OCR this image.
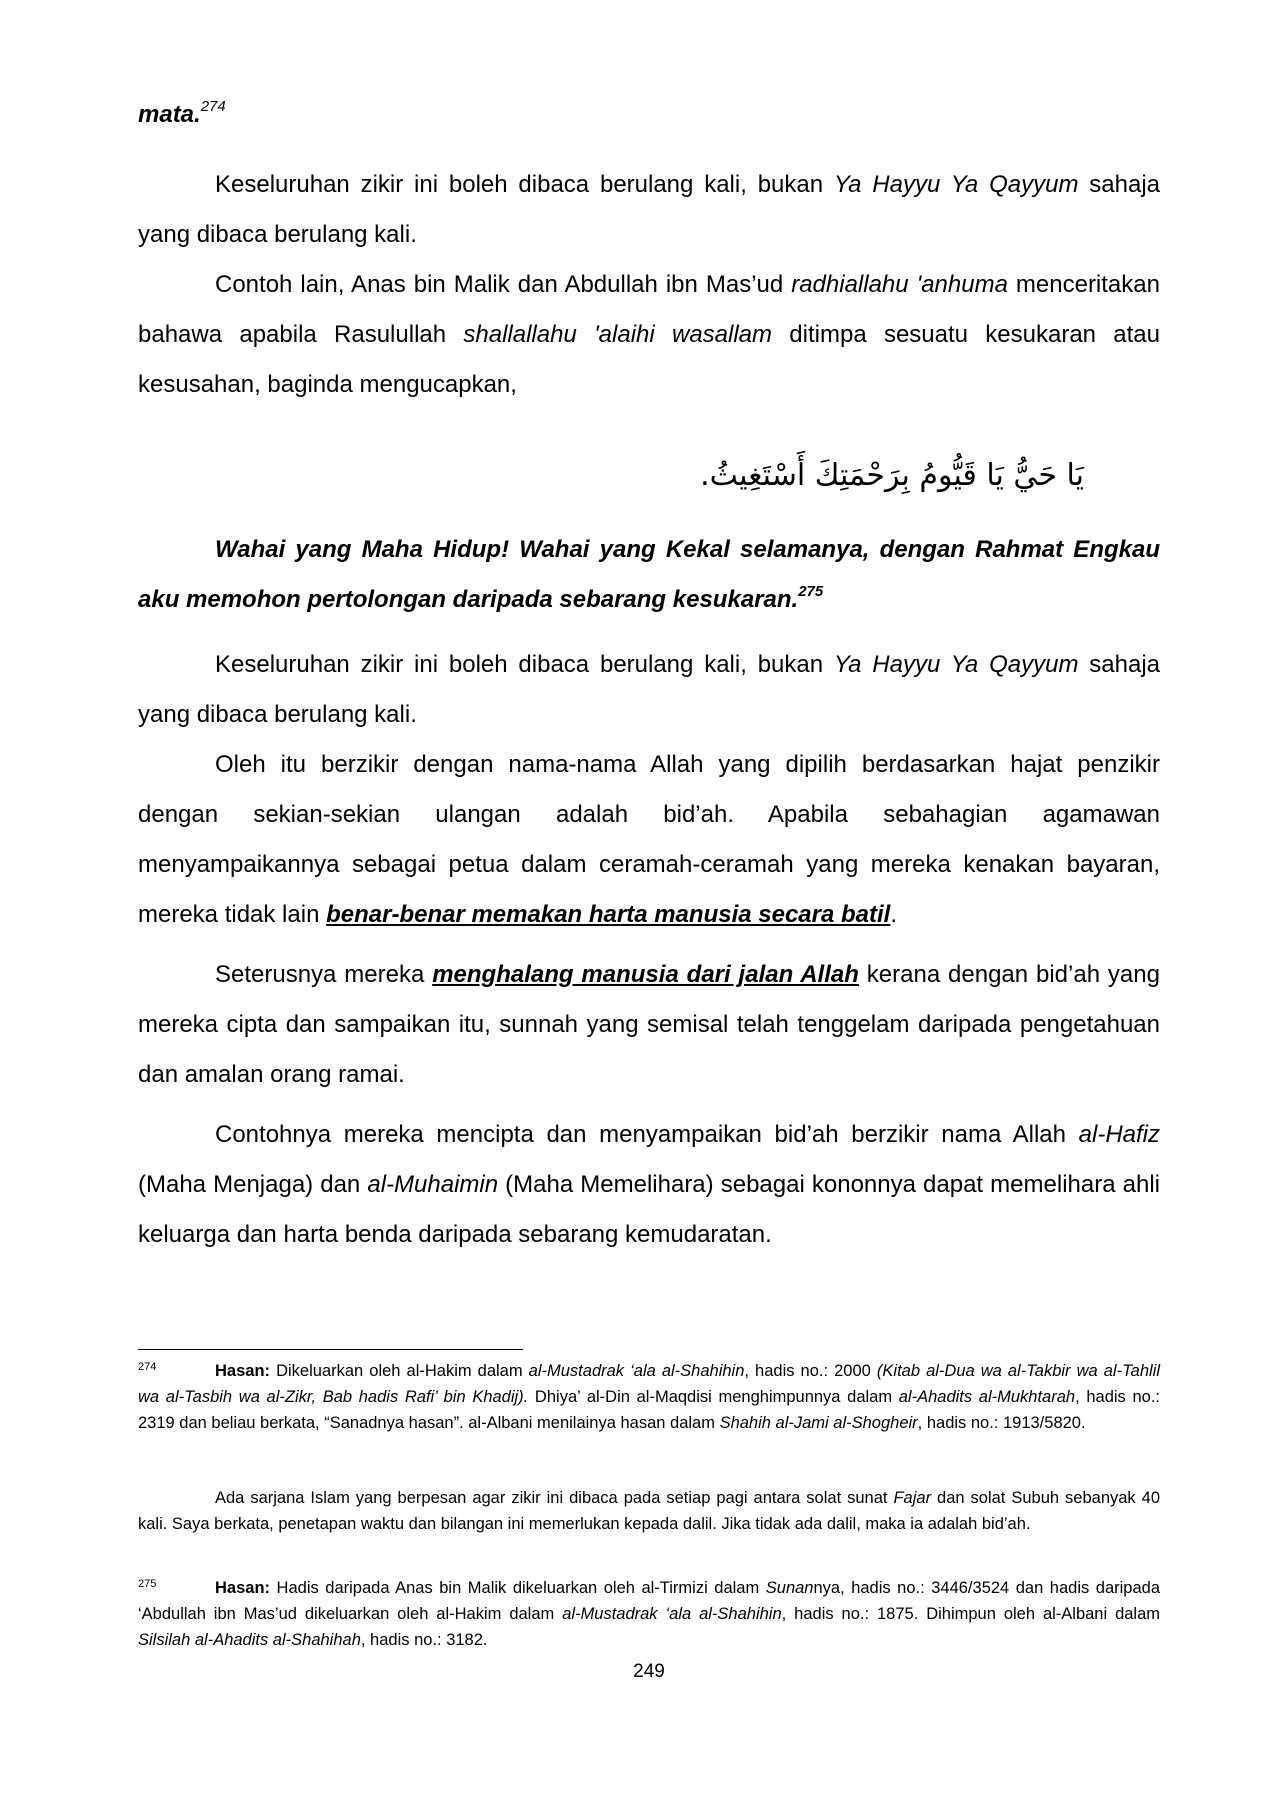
mata.$^{274}$

Keseluruhan zikir ini boleh dibaca berulang kali, bukan Ya Hayyu Ya Qayyum sahaja yang dibaca berulang kali.

Contoh lain, Anas bin Malik dan Abdullah ibn Mas’ud radhiallahu 'anhuma menceritakan bahawa apabila Rasulullah shallallahu 'alaihi wasallam ditimpa sesuatu kesukaran atau kesusahan, baginda mengucapkan,

يَا حَيُّ يَا قَيُّومُ بِرَحْمَتِكَ أَسْتَغِيثُ.

Wahai yang Maha Hidup! Wahai yang Kekal selamanya, dengan Rahmat Engkau aku memohon pertolongan daripada sebarang kesukaran.$^{275}$

Keseluruhan zikir ini boleh dibaca berulang kali, bukan Ya Hayyu Ya Qayyum sahaja yang dibaca berulang kali.

Oleh itu berzikir dengan nama-nama Allah yang dipilih berdasarkan hajat penzikir dengan sekian-sekian ulangan adalah bid’ah. Apabila sebahagian agamawan menyampaikannya sebagai petua dalam ceramah-ceramah yang mereka kenakan bayaran, mereka tidak lain benar-benar memakan harta manusia secara batil.

Seterusnya mereka menghalang manusia dari jalan Allah kerana dengan bid’ah yang mereka cipta dan sampaikan itu, sunnah yang semisal telah tenggelam daripada pengetahuan dan amalan orang ramai.

Contohnya mereka mencipta dan menyampaikan bid’ah berzikir nama Allah al-Hafiz (Maha Menjaga) dan al-Muhaimin (Maha Memelihara) sebagai kononnya dapat memelihara ahli keluarga dan harta benda daripada sebarang kemudaratan.

274	Hasan: Dikeluarkan oleh al-Hakim dalam al-Mustadrak ‘ala al-Shahihin, hadis no.: 2000 (Kitab al-Dua wa al-Takbir wa al-Tahlil wa al-Tasbih wa al-Zikr, Bab hadis Rafi’ bin Khadij). Dhiya’ al-Din al-Maqdisi menghimpunnya dalam al-Ahadits al-Mukhtarah, hadis no.: 2319 dan beliau berkata, “Sanadnya hasan”. al-Albani menilainya hasan dalam Shahih al-Jami al-Shogheir, hadis no.: 1913/5820.

Ada sarjana Islam yang berpesan agar zikir ini dibaca pada setiap pagi antara solat sunat Fajar dan solat Subuh sebanyak 40 kali. Saya berkata, penetapan waktu dan bilangan ini memerlukan kepada dalil. Jika tidak ada dalil, maka ia adalah bid’ah.

275	Hasan: Hadis daripada Anas bin Malik dikeluarkan oleh al-Tirmizi dalam Sunannya, hadis no.: 3446/3524 dan hadis daripada ‘Abdullah ibn Mas’ud dikeluarkan oleh al-Hakim dalam al-Mustadrak ‘ala al-Shahihin, hadis no.: 1875. Dihimpun oleh al-Albani dalam Silsilah al-Ahadits al-Shahihah, hadis no.: 3182.

249
